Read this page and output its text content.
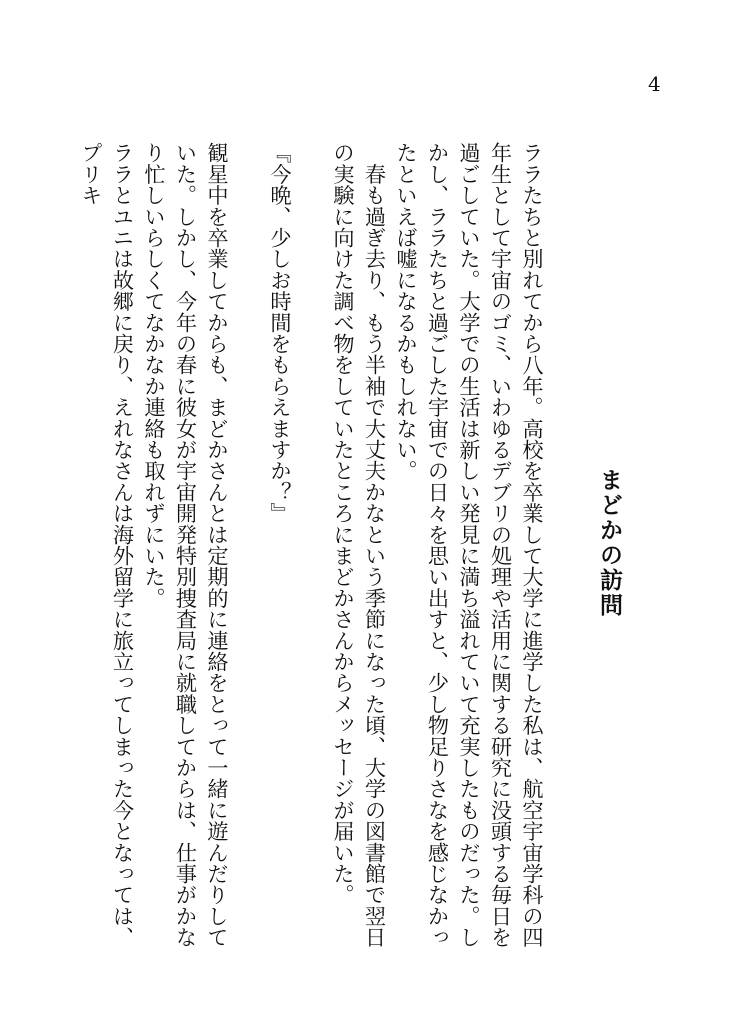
4
まどかの訪問

ララたちと別れてから八年。高校を卒業して大学に進学した私は、航空宇宙学科の四年生として宇宙のゴミ、いわゆるデブリの処理や活用に関する研究に没頭する毎日を過ごしていた。大学での生活は新しい発見に満ち溢れていて充実したものだった。しかし、ララたちと過ごした宇宙での日々を思い出すと、少し物足りさなを感じなかったといえば嘘になるかもしれない。

　春も過ぎ去り、もう半袖で大丈夫かなという季節になった頃、大学の図書館で翌日の実験に向けた調べ物をしていたところにまどかさんからメッセージが届いた。

『今晩、少しお時間をもらえますか？』

観星中を卒業してからも、まどかさんとは定期的に連絡をとって一緒に遊んだりしていた。しかし、今年の春に彼女が宇宙開発特別捜査局に就職してからは、仕事がかなり忙しいらしくてなかなか連絡も取れずにいた。

ララとユニは故郷に戻り、えれなさんは海外留学に旅立ってしまった今となっては、プリキ
